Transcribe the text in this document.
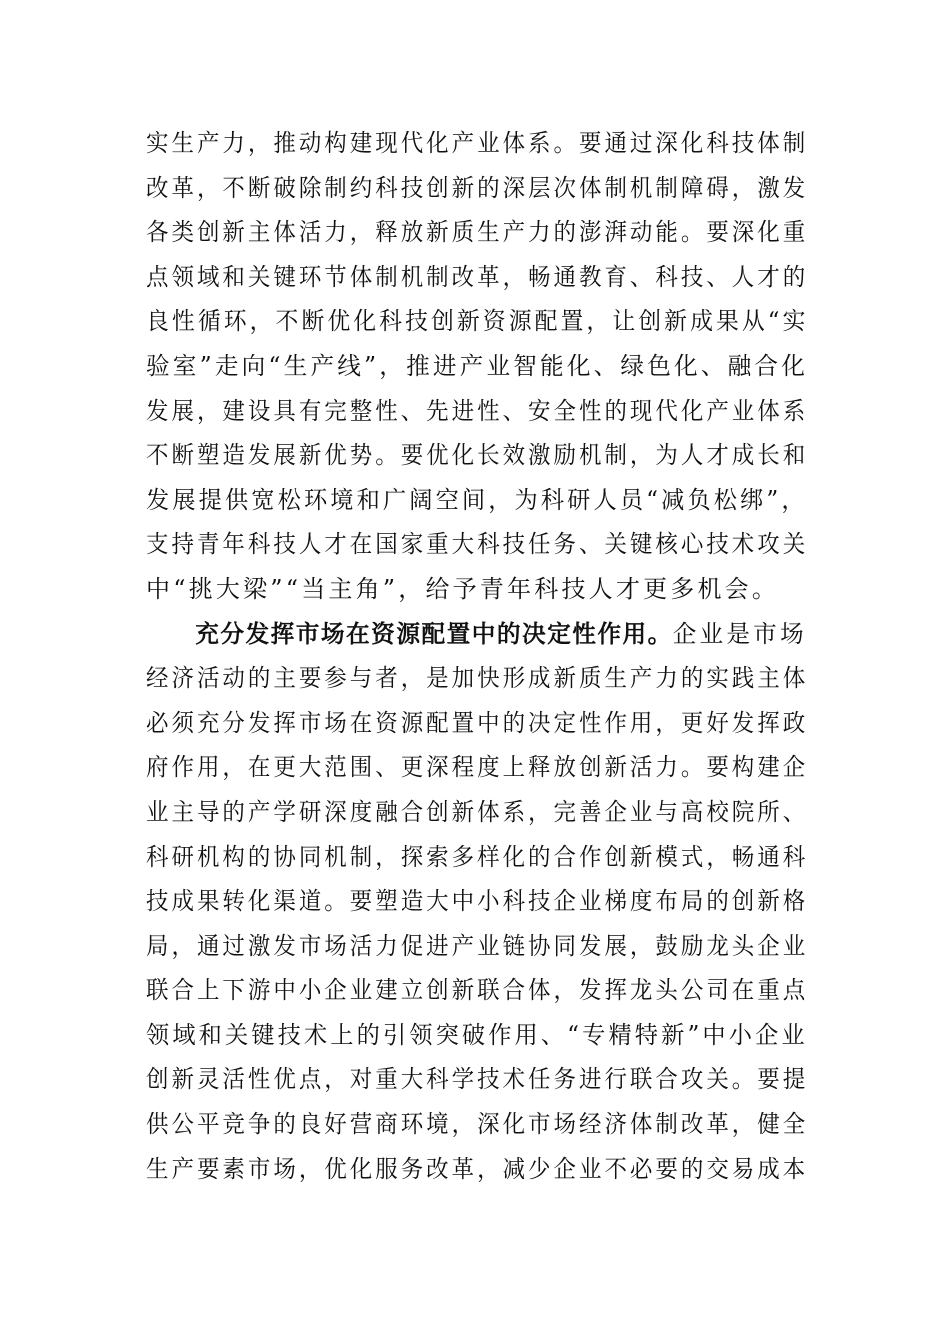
实生产力，推动构建现代化产业体系。要通过深化科技体制
改革，不断破除制约科技创新的深层次体制机制障碍，激发
各类创新主体活力，释放新质生产力的澎湃动能。要深化重
点领域和关键环节体制机制改革，畅通教育、科技、人才的
良性循环，不断优化科技创新资源配置，让创新成果从“实
验室”走向“生产线”，推进产业智能化、绿色化、融合化
发展，建设具有完整性、先进性、安全性的现代化产业体系
不断塑造发展新优势。要优化长效激励机制，为人才成长和
发展提供宽松环境和广阔空间，为科研人员“减负松绑”，
支持青年科技人才在国家重大科技任务、关键核心技术攻关
中“挑大梁”“当主角”，给予青年科技人才更多机会。
充分发挥市场在资源配置中的决定性作用。企业是市场
经济活动的主要参与者，是加快形成新质生产力的实践主体
必须充分发挥市场在资源配置中的决定性作用，更好发挥政
府作用，在更大范围、更深程度上释放创新活力。要构建企
业主导的产学研深度融合创新体系，完善企业与高校院所、
科研机构的协同机制，探索多样化的合作创新模式，畅通科
技成果转化渠道。要塑造大中小科技企业梯度布局的创新格
局，通过激发市场活力促进产业链协同发展，鼓励龙头企业
联合上下游中小企业建立创新联合体，发挥龙头公司在重点
领域和关键技术上的引领突破作用、“专精特新”中小企业
创新灵活性优点，对重大科学技术任务进行联合攻关。要提
供公平竞争的良好营商环境，深化市场经济体制改革，健全
生产要素市场，优化服务改革，减少企业不必要的交易成本
